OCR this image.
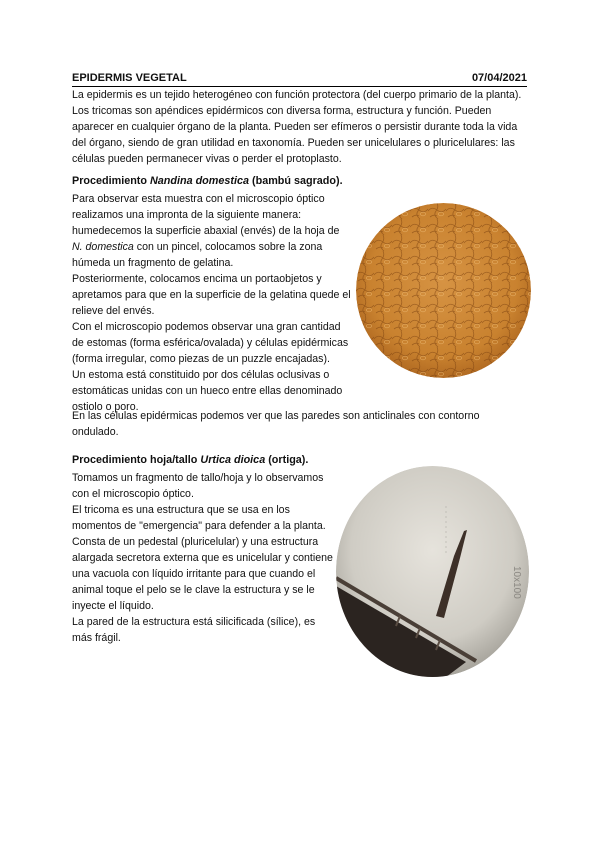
EPIDERMIS VEGETAL	07/04/2021

La epidermis es un tejido heterogéneo con función protectora (del cuerpo primario de la planta). Los tricomas son apéndices epidérmicos con diversa forma, estructura y función. Pueden aparecer en cualquier órgano de la planta. Pueden ser efímeros o persistir durante toda la vida del órgano, siendo de gran utilidad en taxonomía. Pueden ser unicelulares o pluricelulares: las células pueden permanecer vivas o perder el protoplasto.

Procedimiento Nandina domestica (bambú sagrado).

Para observar esta muestra con el microscopio óptico realizamos una impronta de la siguiente manera: humedecemos la superficie abaxial (envés) de la hoja de N. domestica con un pincel, colocamos sobre la zona húmeda un fragmento de gelatina.
Posteriormente, colocamos encima un portaobjetos y apretamos para que en la superficie de la gelatina quede el relieve del envés.
Con el microscopio podemos observar una gran cantidad de estomas (forma esférica/ovalada) y células epidérmicas (forma irregular, como piezas de un puzzle encajadas).
Un estoma está constituido por dos células oclusivas o estomáticas unidas con un hueco entre ellas denominado ostiolo o poro.
En las células epidérmicas podemos ver que las paredes son anticlinales con contorno ondulado.

Procedimiento hoja/tallo Urtica dioica (ortiga).

Tomamos un fragmento de tallo/hoja y lo observamos con el microscopio óptico.
El tricoma es una estructura que se usa en los momentos de "emergencia" para defender a la planta.
Consta de un pedestal (pluricelular) y una estructura alargada secretora externa que es unicelular y contiene una vacuola con líquido irritante para que cuando el animal toque el pelo se le clave la estructura y se le inyecte el líquido.
La pared de la estructura está silicificada (sílice), es más frágil.
10x100
